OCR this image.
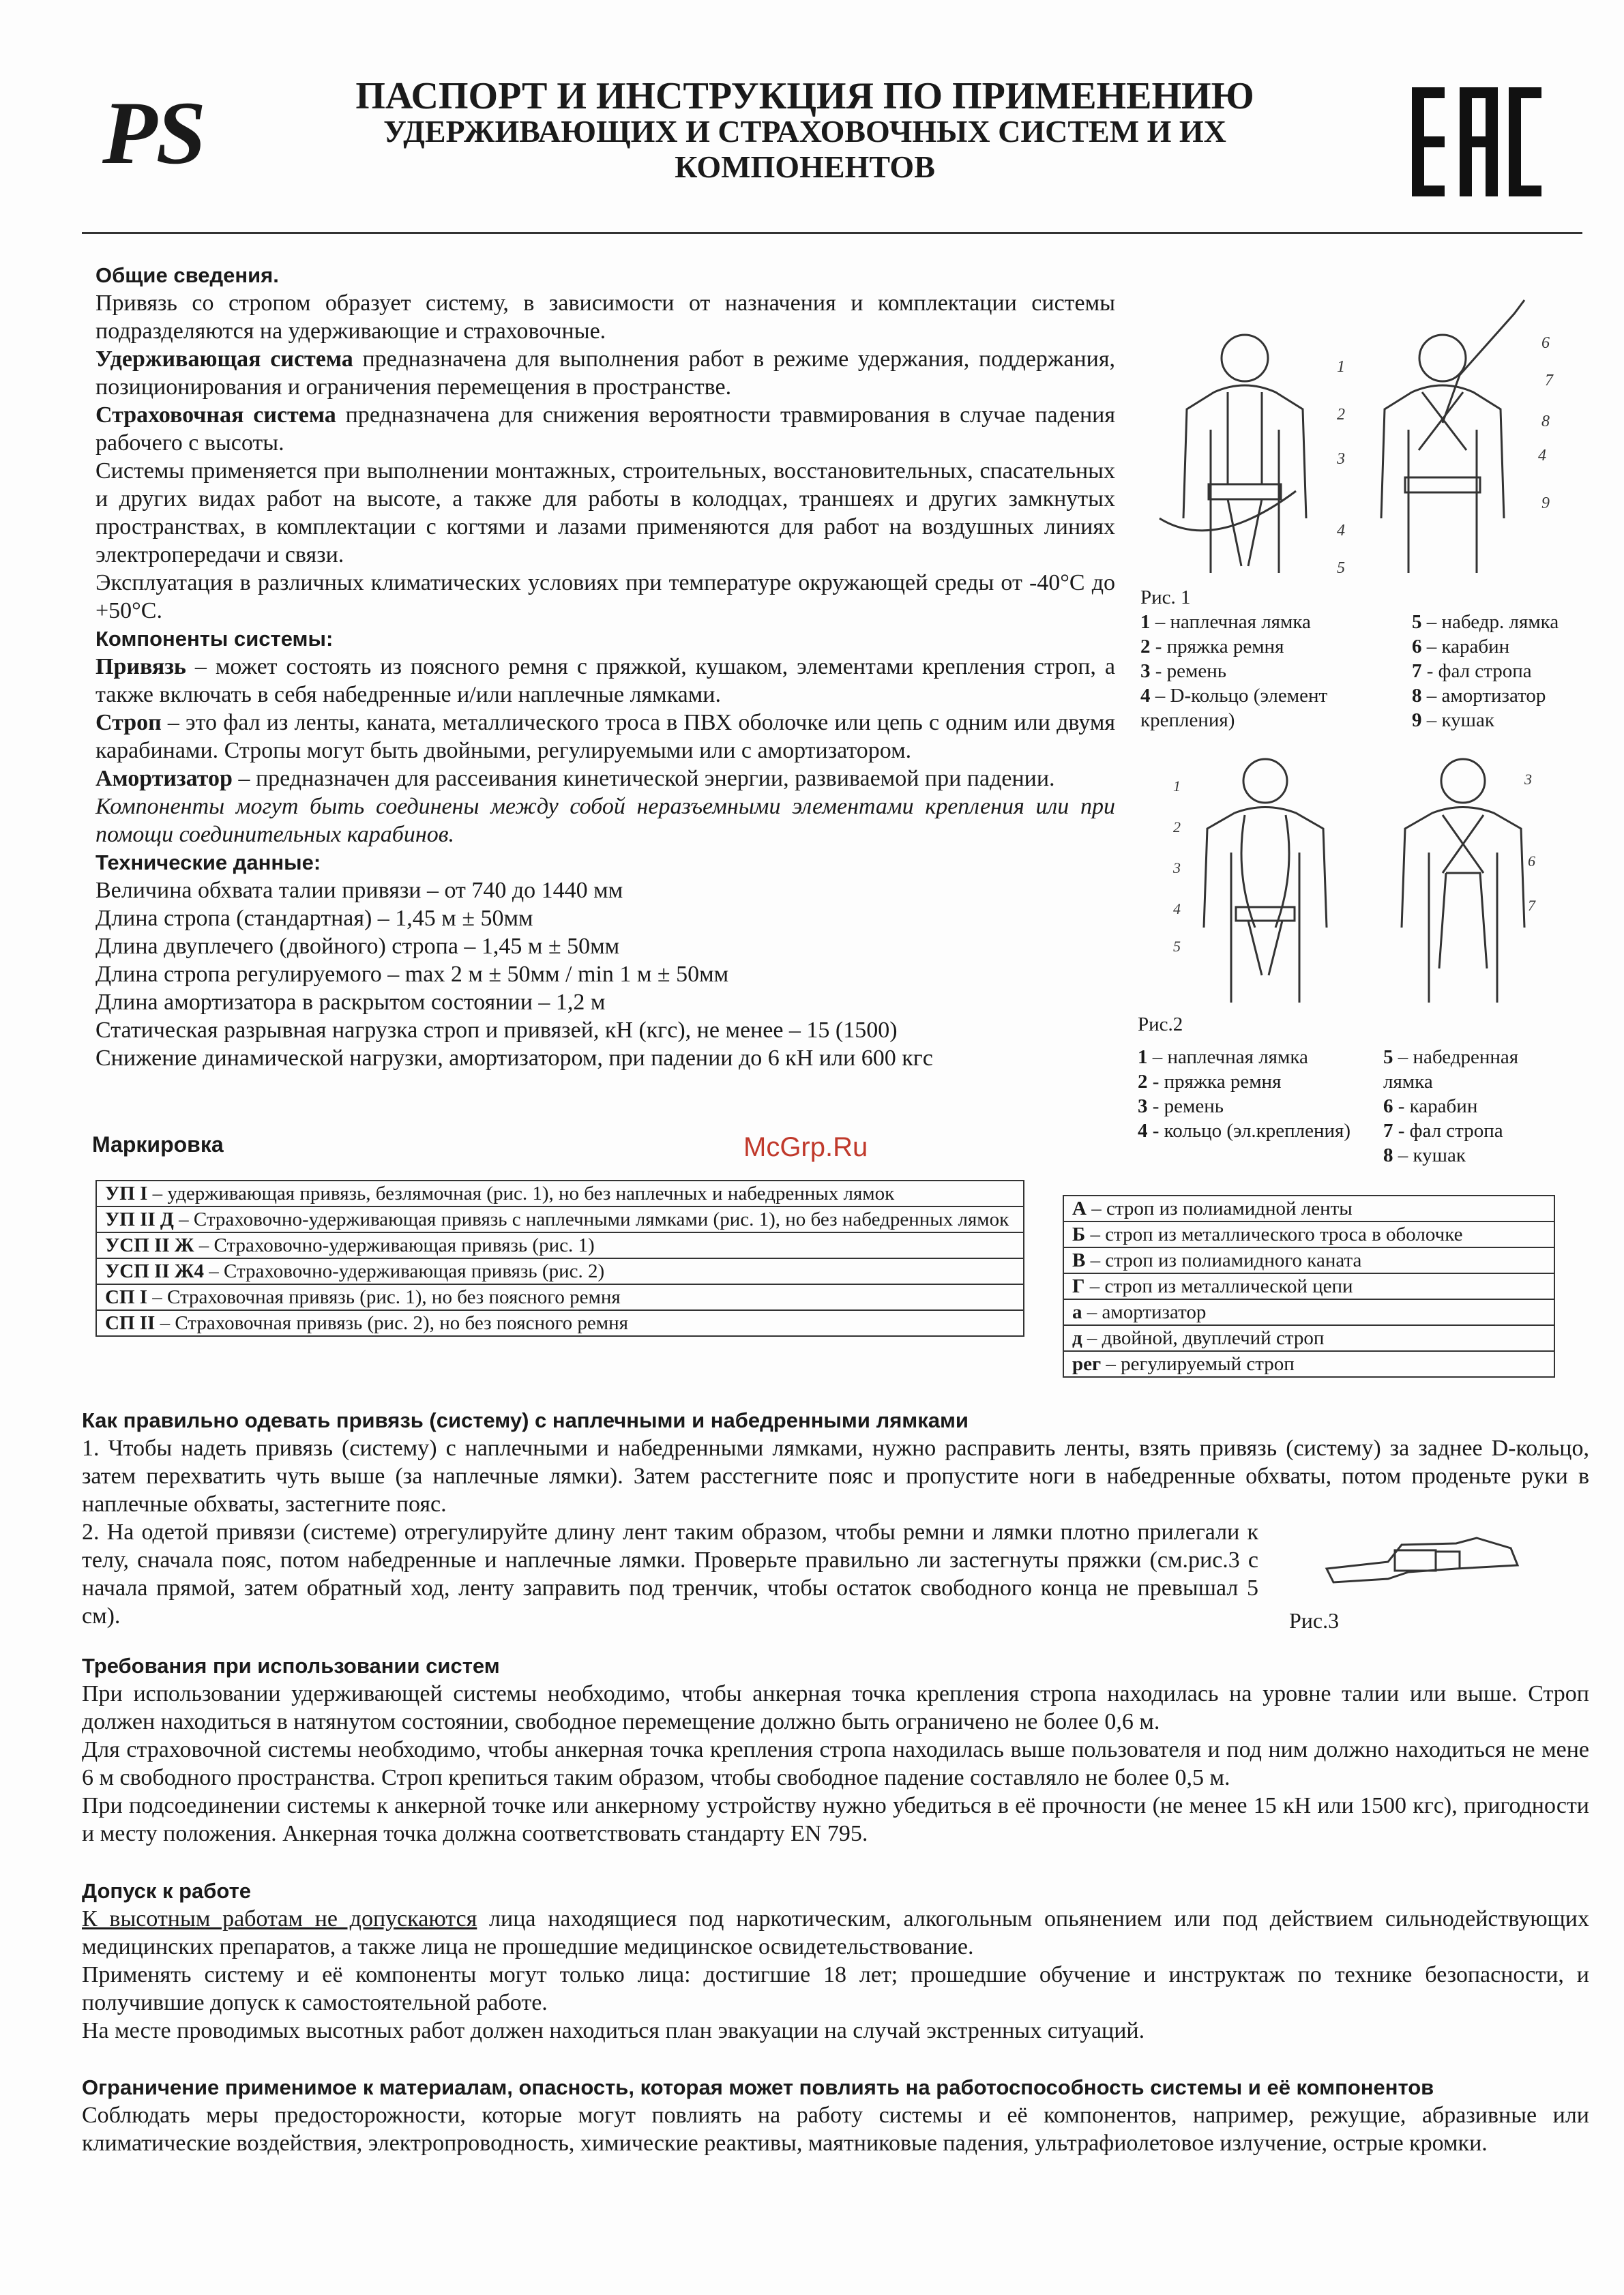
PS	ПАСПОРТ И ИНСТРУКЦИЯ ПО ПРИМЕНЕНИЮ
УДЕРЖИВАЮЩИХ И СТРАХОВОЧНЫХ СИСТЕМ И ИХ
КОМПОНЕНТОВ

Общие сведения.

Привязь со стропом образует систему, в зависимости от назначения и комплектации системы подразделяются на удерживающие и страховочные.

Удерживающая система предназначена для выполнения работ в режиме удержания, поддержания, позиционирования и ограничения перемещения в пространстве.

Страховочная система предназначена для снижения вероятности травмирования в случае падения рабочего с высоты.

Системы применяется при выполнении монтажных, строительных, восстановительных, спасательных и других видах работ на высоте, а также для работы в колодцах, траншеях и других замкнутых пространствах, в комплектации с когтями и лазами применяются для работ на воздушных линиях электропередачи и связи.

Эксплуатация в различных климатических условиях при температуре окружающей среды от -40°С до +50°С.

Компоненты системы:

Привязь – может состоять из поясного ремня с пряжкой, кушаком, элементами крепления строп, а также включать в себя набедренные и/или наплечные лямками.

Строп – это фал из ленты, каната, металлического троса в ПВХ оболочке или цепь с одним или двумя карабинами. Стропы могут быть двойными, регулируемыми или с амортизатором.

Амортизатор – предназначен для рассеивания кинетической энергии, развиваемой при падении.

Компоненты могут быть соединены между собой неразъемными элементами крепления или при помощи соединительных карабинов.

Технические данные:

Величина обхвата талии привязи – от 740 до 1440 мм

Длина стропа (стандартная) – 1,45 м ± 50мм

Длина двуплечего (двойного) стропа – 1,45 м ± 50мм

Длина стропа регулируемого – max 2 м ± 50мм / min 1 м ± 50мм

Длина амортизатора в раскрытом состоянии – 1,2 м

Статическая разрывная нагрузка строп и привязей, кН (кгс), не менее – 15 (1500)

Снижение динамической нагрузки, амортизатором, при падении до 6 кН или 600 кгс

1
2
3
4
5
6
7
8
4
9
Рис. 1
1 – наплечная лямка
2 - пряжка ремня
3 - ремень
4 – D-кольцо (элемент крепления)
5 – набедр. лямка
6 – карабин
7 - фал стропа
8 – амортизатор
9 – кушак
1
2
3
4
5
3
6
7
Рис.2
1 – наплечная лямка
2 - пряжка ремня
3 - ремень
4 - кольцо (эл.крепления)
5 – набедренная лямка
6 - карабин
7 - фал стропа
8 – кушак
McGrp.Ru
Маркировка
УП I – удерживающая привязь, безлямочная (рис. 1), но без наплечных и набедренных лямок
УП II Д – Страховочно-удерживающая привязь с наплечными лямками (рис. 1), но без набедренных лямок
УСП II Ж – Страховочно-удерживающая привязь (рис. 1)
УСП II Ж4 – Страховочно-удерживающая привязь (рис. 2)
СП I – Страховочная привязь (рис. 1), но без поясного ремня
СП II – Страховочная привязь (рис. 2), но без поясного ремня
А – строп из полиамидной ленты
Б – строп из металлического троса в оболочке
В – строп из полиамидного каната
Г – строп из металлической цепи
а – амортизатор
д – двойной, двуплечий строп
рег – регулируемый строп

Как правильно одевать привязь (систему) с наплечными и набедренными лямками

1. Чтобы надеть привязь (систему) с наплечными и набедренными лямками, нужно расправить ленты, взять привязь (систему) за заднее D-кольцо, затем перехватить чуть выше (за наплечные лямки). Затем расстегните пояс и пропустите ноги в набедренные обхваты, потом проденьте руки в наплечные обхваты, застегните пояс.

2. На одетой привязи (системе) отрегулируйте длину лент таким образом, чтобы ремни и лямки плотно прилегали к телу, сначала пояс, потом набедренные и наплечные лямки. Проверьте правильно ли застегнуты пряжки (см.рис.3 с начала прямой, затем обратный ход, ленту заправить под тренчик, чтобы остаток свободного конца не превышал 5 см).	Рис.3

Требования при использовании систем

При использовании удерживающей системы необходимо, чтобы анкерная точка крепления стропа находилась на уровне талии или выше. Строп должен находиться в натянутом состоянии, свободное перемещение должно быть ограничено не более 0,6 м.

Для страховочной системы необходимо, чтобы анкерная точка крепления стропа находилась выше пользователя и под ним должно находиться не мене 6 м свободного пространства. Строп крепиться таким образом, чтобы свободное падение составляло не более 0,5 м.

При подсоединении системы к анкерной точке или анкерному устройству нужно убедиться в её прочности (не менее 15 кН или 1500 кгс), пригодности и месту положения. Анкерная точка должна соответствовать стандарту EN 795.

Допуск к работе

К высотным работам не допускаются лица находящиеся под наркотическим, алкогольным опьянением или под действием сильнодействующих медицинских препаратов, а также лица не прошедшие медицинское освидетельствование.

Применять систему и её компоненты могут только лица: достигшие 18 лет; прошедшие обучение и инструктаж по технике безопасности, и получившие допуск к самостоятельной работе.

На месте проводимых высотных работ должен находиться план эвакуации на случай экстренных ситуаций.

Ограничение применимое к материалам, опасность, которая может повлиять на работоспособность системы и её компонентов

Соблюдать меры предосторожности, которые могут повлиять на работу системы и её компонентов, например, режущие, абразивные или климатические воздействия, электропроводность, химические реактивы, маятниковые падения, ультрафиолетовое излучение, острые кромки.
